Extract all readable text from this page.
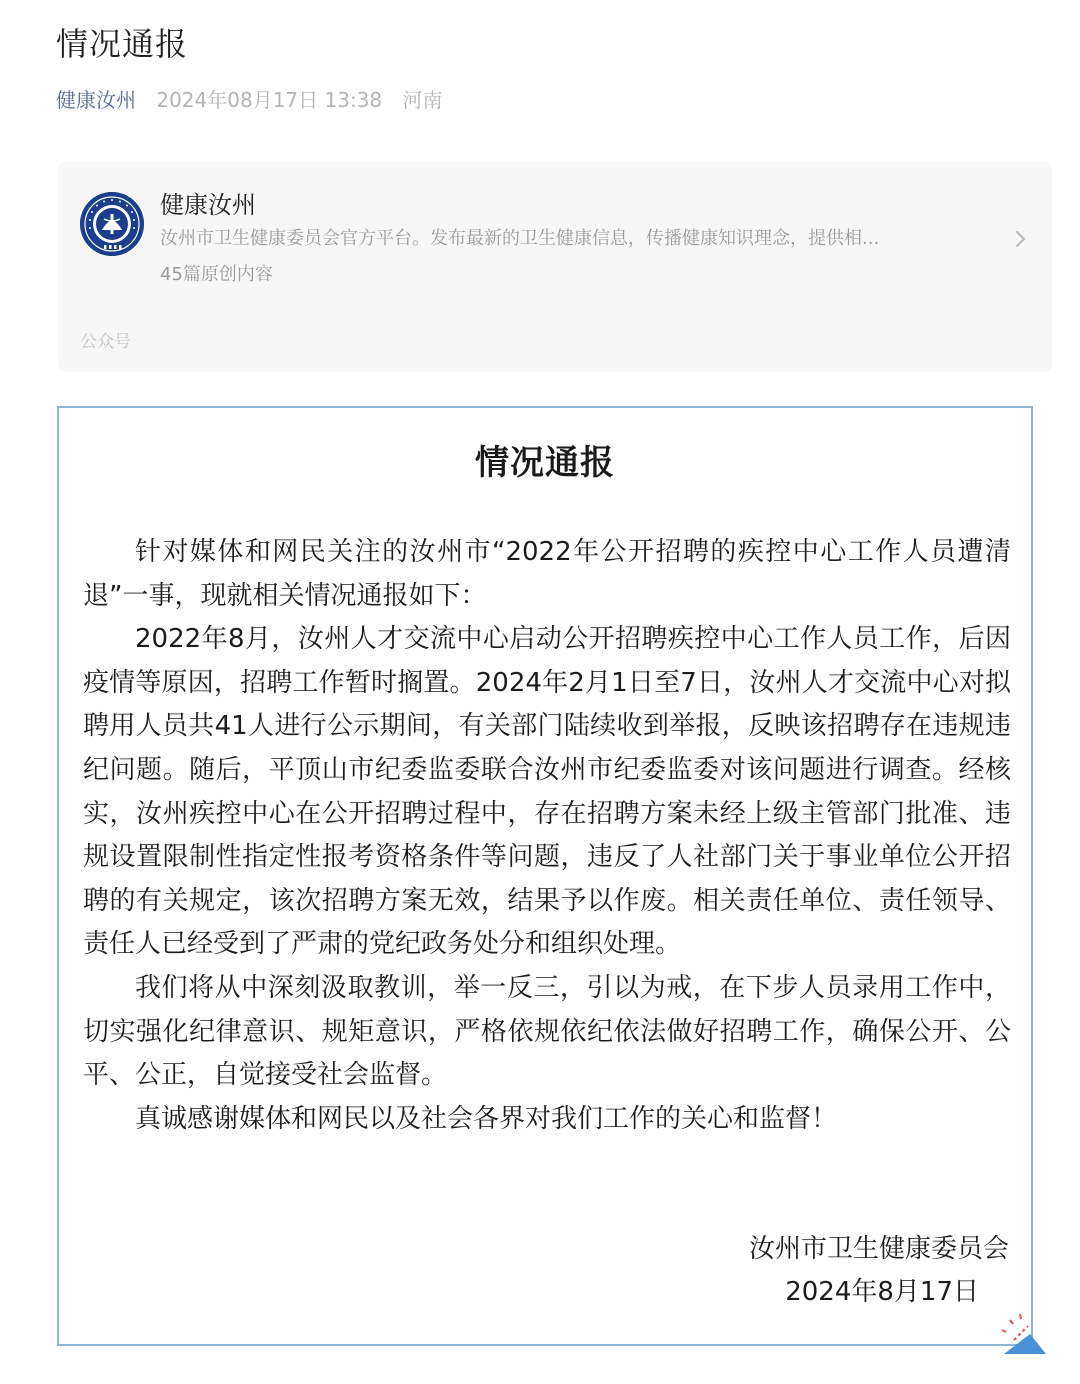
情况通报
健康汝州 2024年08月17日 13:38 河南
健康汝州
汝州市卫生健康委员会官方平台。发布最新的卫生健康信息，传播健康知识理念，提供相...
45篇原创内容
公众号
情况通报

针对媒体和网民关注的汝州市“2022年公开招聘的疾控中心工作人员遭清退”一事，现就相关情况通报如下：

2022年8月，汝州人才交流中心启动公开招聘疾控中心工作人员工作，后因疫情等原因，招聘工作暂时搁置。2024年2月1日至7日，汝州人才交流中心对拟聘用人员共41人进行公示期间，有关部门陆续收到举报，反映该招聘存在违规违纪问题。随后，平顶山市纪委监委联合汝州市纪委监委对该问题进行调查。经核实，汝州疾控中心在公开招聘过程中，存在招聘方案未经上级主管部门批准、违规设置限制性指定性报考资格条件等问题，违反了人社部门关于事业单位公开招聘的有关规定，该次招聘方案无效，结果予以作废。相关责任单位、责任领导、责任人已经受到了严肃的党纪政务处分和组织处理。

我们将从中深刻汲取教训，举一反三，引以为戒，在下步人员录用工作中，切实强化纪律意识、规矩意识，严格依规依纪依法做好招聘工作，确保公开、公平、公正，自觉接受社会监督。

真诚感谢媒体和网民以及社会各界对我们工作的关心和监督！

汝州市卫生健康委员会
2024年8月17日
